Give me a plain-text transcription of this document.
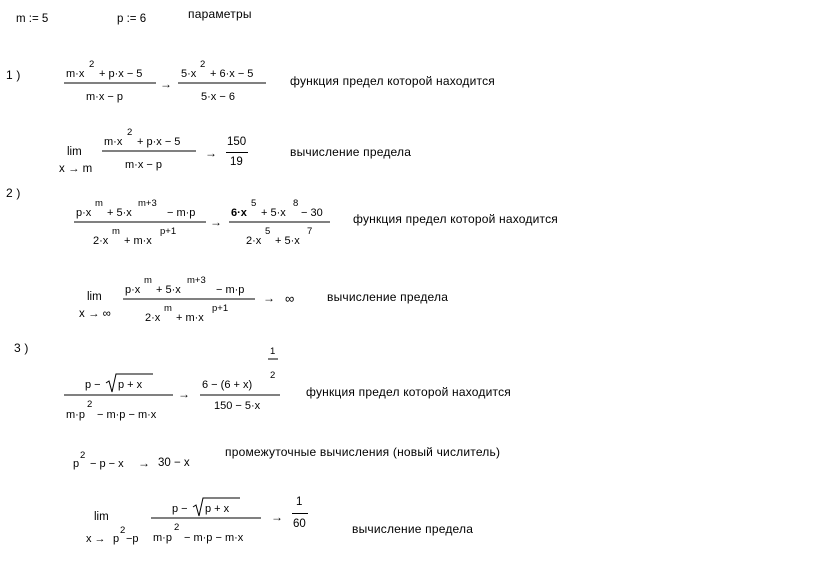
m := 5	p := 6	параметры
1 )
2 )
3 )
m·x
2
+ p·x − 5
m·x − p
→
5·x
2
+ 6·x − 5
5·x − 6
функция предел которой находится
lim
x → m
m·x
2
+ p·x − 5
m·x − p
→
150
19
вычисление предела
p·x
m
+ 5·x
m+3
− m·p
2·x
m
+ m·x
p+1
→
6·x
5
+ 5·x
8
− 30
2·x
5
+ 5·x
7
функция предел которой находится
lim
x → ∞
p·x
m
+ 5·x
m+3
− m·p
2·x
m
+ m·x
p+1
→ ∞	вычисление предела
p − p + x
m·p
2
− m·p − m·x
→
6 − (6 + x)
1
2
150 − 5·x
функция предел которой находится
p
2
− p − x → 30 − x
промежуточные вычисления (новый числитель)
lim
x → p
2
−p
p − p + x
m·p
2
− m·p − m·x
→
1
60	вычисление предела
